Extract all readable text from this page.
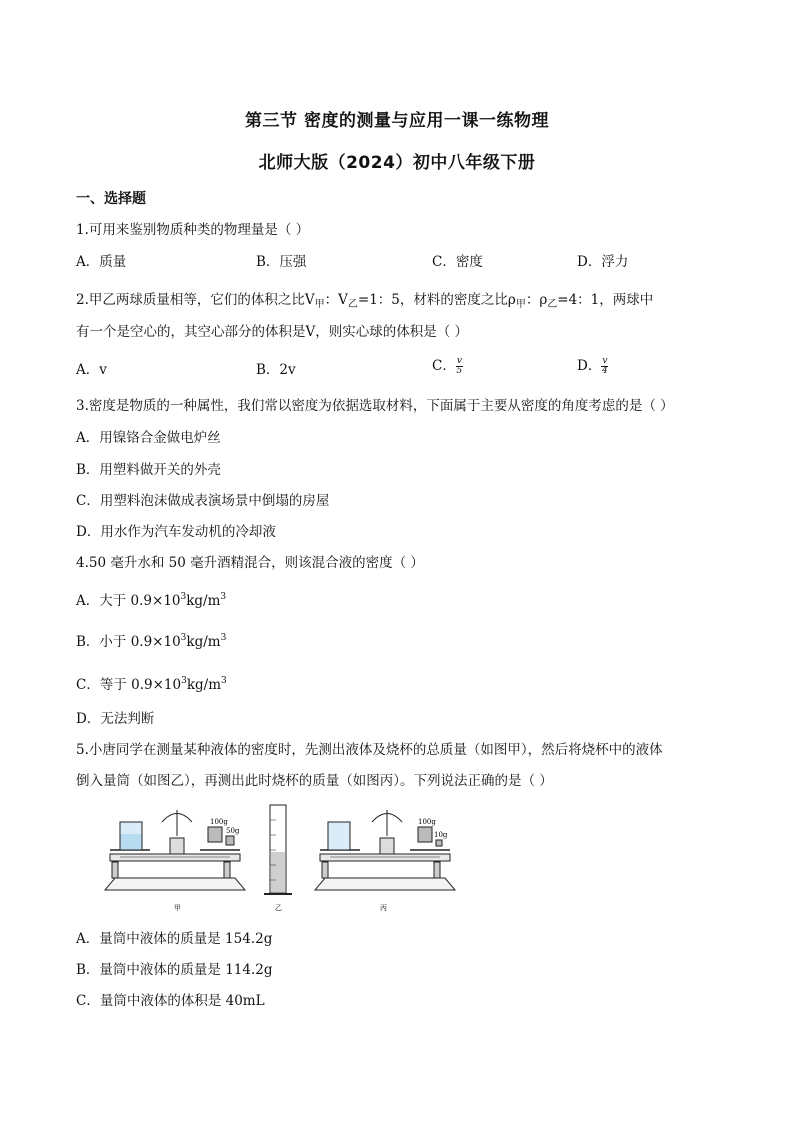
第三节 密度的测量与应用一课一练物理
北师大版（2024）初中八年级下册
一、选择题
1.可用来鉴别物质种类的物理量是（ ）
A．质量	B．压强	C．密度	D．浮力
2.甲乙两球质量相等，它们的体积之比$V_甲$：$V_乙=1$：5，材料的密度之比$\rho_甲$：$\rho_乙=4$：1，两球中
有一个是空心的，其空心部分的体积是V，则实心球的体积是（ ）
A．v	B．2v	C． $\frac{v}{5}$	D． $\frac{v}{4}$
3.密度是物质的一种属性，我们常以密度为依据选取材料，下面属于主要从密度的角度考虑的是（ ）
A．用镍铬合金做电炉丝
B．用塑料做开关的外壳
C．用塑料泡沫做成表演场景中倒塌的房屋
D．用水作为汽车发动机的冷却液
4.50 毫升水和 50 毫升酒精混合，则该混合液的密度（ ）
A．大于 $0.9\times 10^3kg/m^3$
B．小于 $0.9\times 10^3kg/m^3$
C．等于 $0.9\times 10^3kg/m^3$
D．无法判断
5.小唐同学在测量某种液体的密度时，先测出液体及烧杯的总质量（如图甲），然后将烧杯中的液体
倒入量筒（如图乙），再测出此时烧杯的质量（如图丙）。下列说法正确的是（ ）
100g
50g
100g
10g
甲	乙	丙
A．量筒中液体的质量是 154.2g
B．量筒中液体的质量是 114.2g
C．量筒中液体的体积是 40mL
